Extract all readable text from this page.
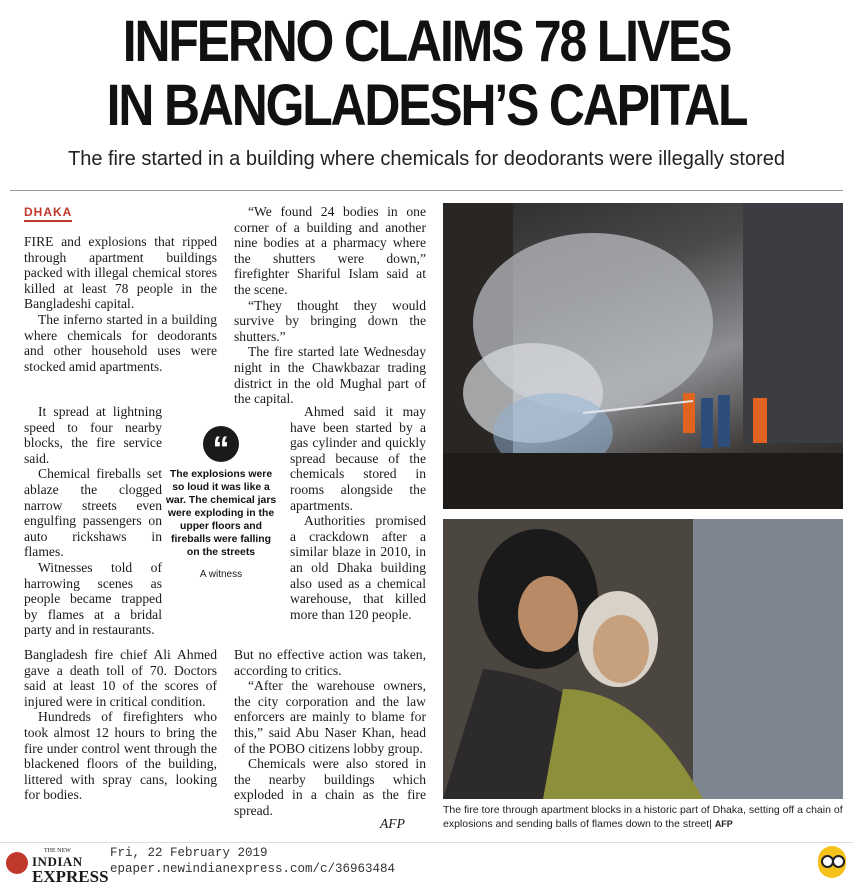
INFERNO CLAIMS 78 LIVES
IN BANGLADESH’S CAPITAL
The fire started in a building where chemicals for deodorants were illegally stored
DHAKA

FIRE and explosions that ripped through apartment buildings packed with illegal chemical stores killed at least 78 people in the Bangladeshi capital.

The inferno started in a building where chemicals for deodorants and other household uses were stocked amid apartments.

It spread at lightning speed to four nearby blocks, the fire service said.

Chemical fireballs set ablaze the clogged narrow streets even engulfing passengers on auto rickshaws in flames.

Witnesses told of harrowing scenes as people became trapped by flames at a bridal party and in restaurants.

Bangladesh fire chief Ali Ahmed gave a death toll of 70. Doctors said at least 10 of the scores of injured were in critical condition.

Hundreds of firefighters who took almost 12 hours to bring the fire under control went through the blackened floors of the building, littered with spray cans, looking for bodies.

“We found 24 bodies in one corner of a building and another nine bodies at a pharmacy where the shutters were down,” firefighter Shariful Islam said at the scene.

“They thought they would survive by bringing down the shutters.”

The fire started late Wednesday night in the Chawkbazar trading district in the old Mughal part of the capital.

Ahmed said it may have been started by a gas cylinder and quickly spread because of the chemicals stored in rooms alongside the apartments.

Authorities promised a crackdown after a similar blaze in 2010, in an old Dhaka building also used as a chemical warehouse, that killed more than 120 people.

But no effective action was taken, according to critics.

“After the warehouse owners, the city corporation and the law enforcers are mainly to blame for this,” said Abu Naser Khan, head of the POBO citizens lobby group.

Chemicals were also stored in the nearby buildings which exploded in a chain as the fire spread.

AFP
“
The explosions were so loud it was like a war. The chemical jars were exploding in the upper floors and fireballs were falling on the streets
A witness
The fire tore through apartment blocks in a historic part of Dhaka, setting off a chain of explosions and sending balls of flames down to the street| AFP
THE NEW
INDIAN
EXPRESS
Fri, 22 February 2019
epaper.newindianexpress.com/c/36963484
